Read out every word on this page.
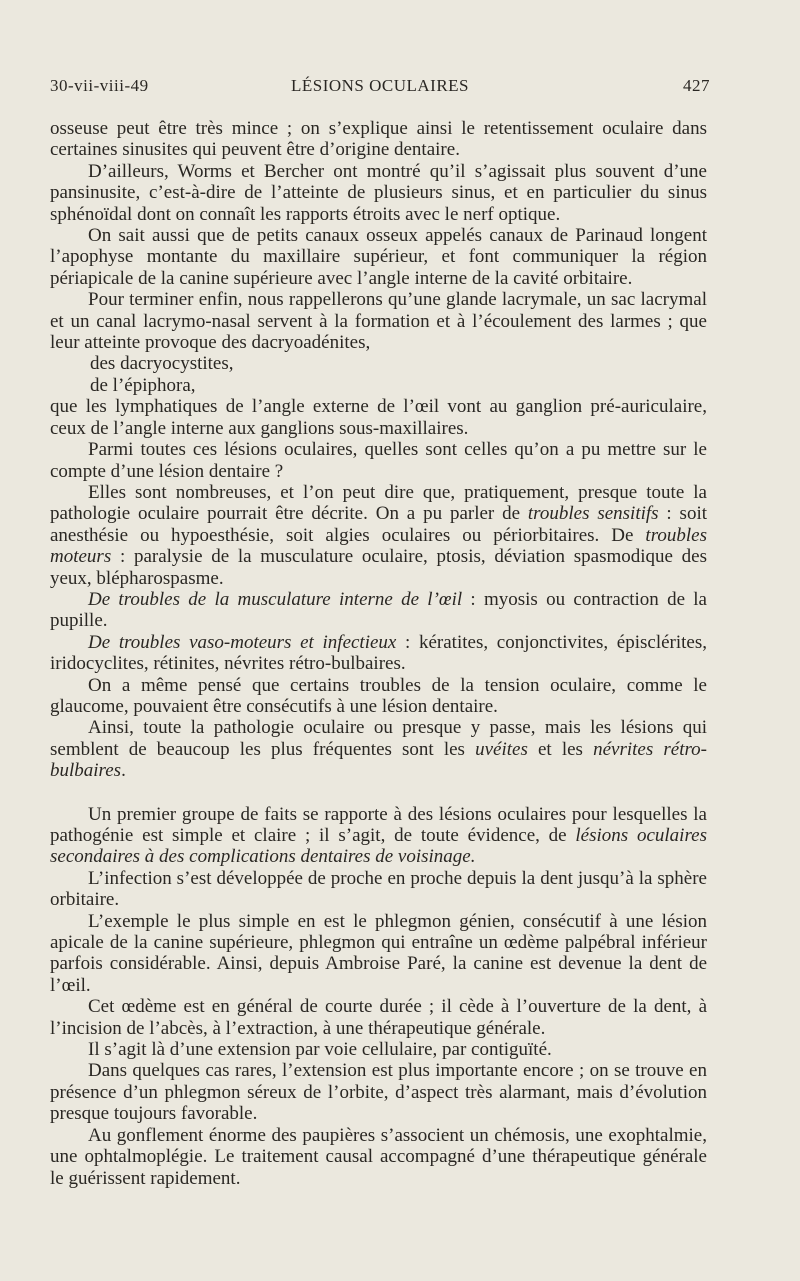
30-vii-viii-49	LÉSIONS OCULAIRES	427

osseuse peut être très mince ; on s’explique ainsi le retentissement oculaire dans certaines sinusites qui peuvent être d’origine dentaire.

D’ailleurs, Worms et Bercher ont montré qu’il s’agissait plus souvent d’une pansinusite, c’est-à-dire de l’atteinte de plusieurs sinus, et en particulier du sinus sphénoïdal dont on connaît les rapports étroits avec le nerf optique.

On sait aussi que de petits canaux osseux appelés canaux de Parinaud longent l’apophyse montante du maxillaire supérieur, et font communiquer la région périapicale de la canine supérieure avec l’angle interne de la cavité orbitaire.

Pour terminer enfin, nous rappellerons qu’une glande lacrymale, un sac lacrymal et un canal lacrymo-nasal servent à la formation et à l’écoulement des larmes ; que leur atteinte provoque des dacryoadénites,

des dacryocystites,

de l’épiphora,

que les lymphatiques de l’angle externe de l’œil vont au ganglion pré-auriculaire, ceux de l’angle interne aux ganglions sous-maxillaires.

Parmi toutes ces lésions oculaires, quelles sont celles qu’on a pu mettre sur le compte d’une lésion dentaire ?

Elles sont nombreuses, et l’on peut dire que, pratiquement, presque toute la pathologie oculaire pourrait être décrite. On a pu parler de troubles sensitifs : soit anesthésie ou hypoesthésie, soit algies oculaires ou périorbitaires. De troubles moteurs : paralysie de la musculature oculaire, ptosis, déviation spasmodique des yeux, blépharospasme.

De troubles de la musculature interne de l’œil : myosis ou contraction de la pupille.

De troubles vaso-moteurs et infectieux : kératites, conjonctivites, épisclérites, iridocyclites, rétinites, névrites rétro-bulbaires.

On a même pensé que certains troubles de la tension oculaire, comme le glaucome, pouvaient être consécutifs à une lésion dentaire.

Ainsi, toute la pathologie oculaire ou presque y passe, mais les lésions qui semblent de beaucoup les plus fréquentes sont les uvéites et les névrites rétro-bulbaires.

Un premier groupe de faits se rapporte à des lésions oculaires pour lesquelles la pathogénie est simple et claire ; il s’agit, de toute évidence, de lésions oculaires secondaires à des complications dentaires de voisinage.

L’infection s’est développée de proche en proche depuis la dent jusqu’à la sphère orbitaire.

L’exemple le plus simple en est le phlegmon génien, consécutif à une lésion apicale de la canine supérieure, phlegmon qui entraîne un œdème palpébral inférieur parfois considérable. Ainsi, depuis Ambroise Paré, la canine est devenue la dent de l’œil.

Cet œdème est en général de courte durée ; il cède à l’ouverture de la dent, à l’incision de l’abcès, à l’extraction, à une thérapeutique générale.

Il s’agit là d’une extension par voie cellulaire, par contiguïté.

Dans quelques cas rares, l’extension est plus importante encore ; on se trouve en présence d’un phlegmon séreux de l’orbite, d’aspect très alarmant, mais d’évolution presque toujours favorable.

Au gonflement énorme des paupières s’associent un chémosis, une exophtalmie, une ophtalmoplégie. Le traitement causal accompagné d’une thérapeutique générale le guérissent rapidement.
